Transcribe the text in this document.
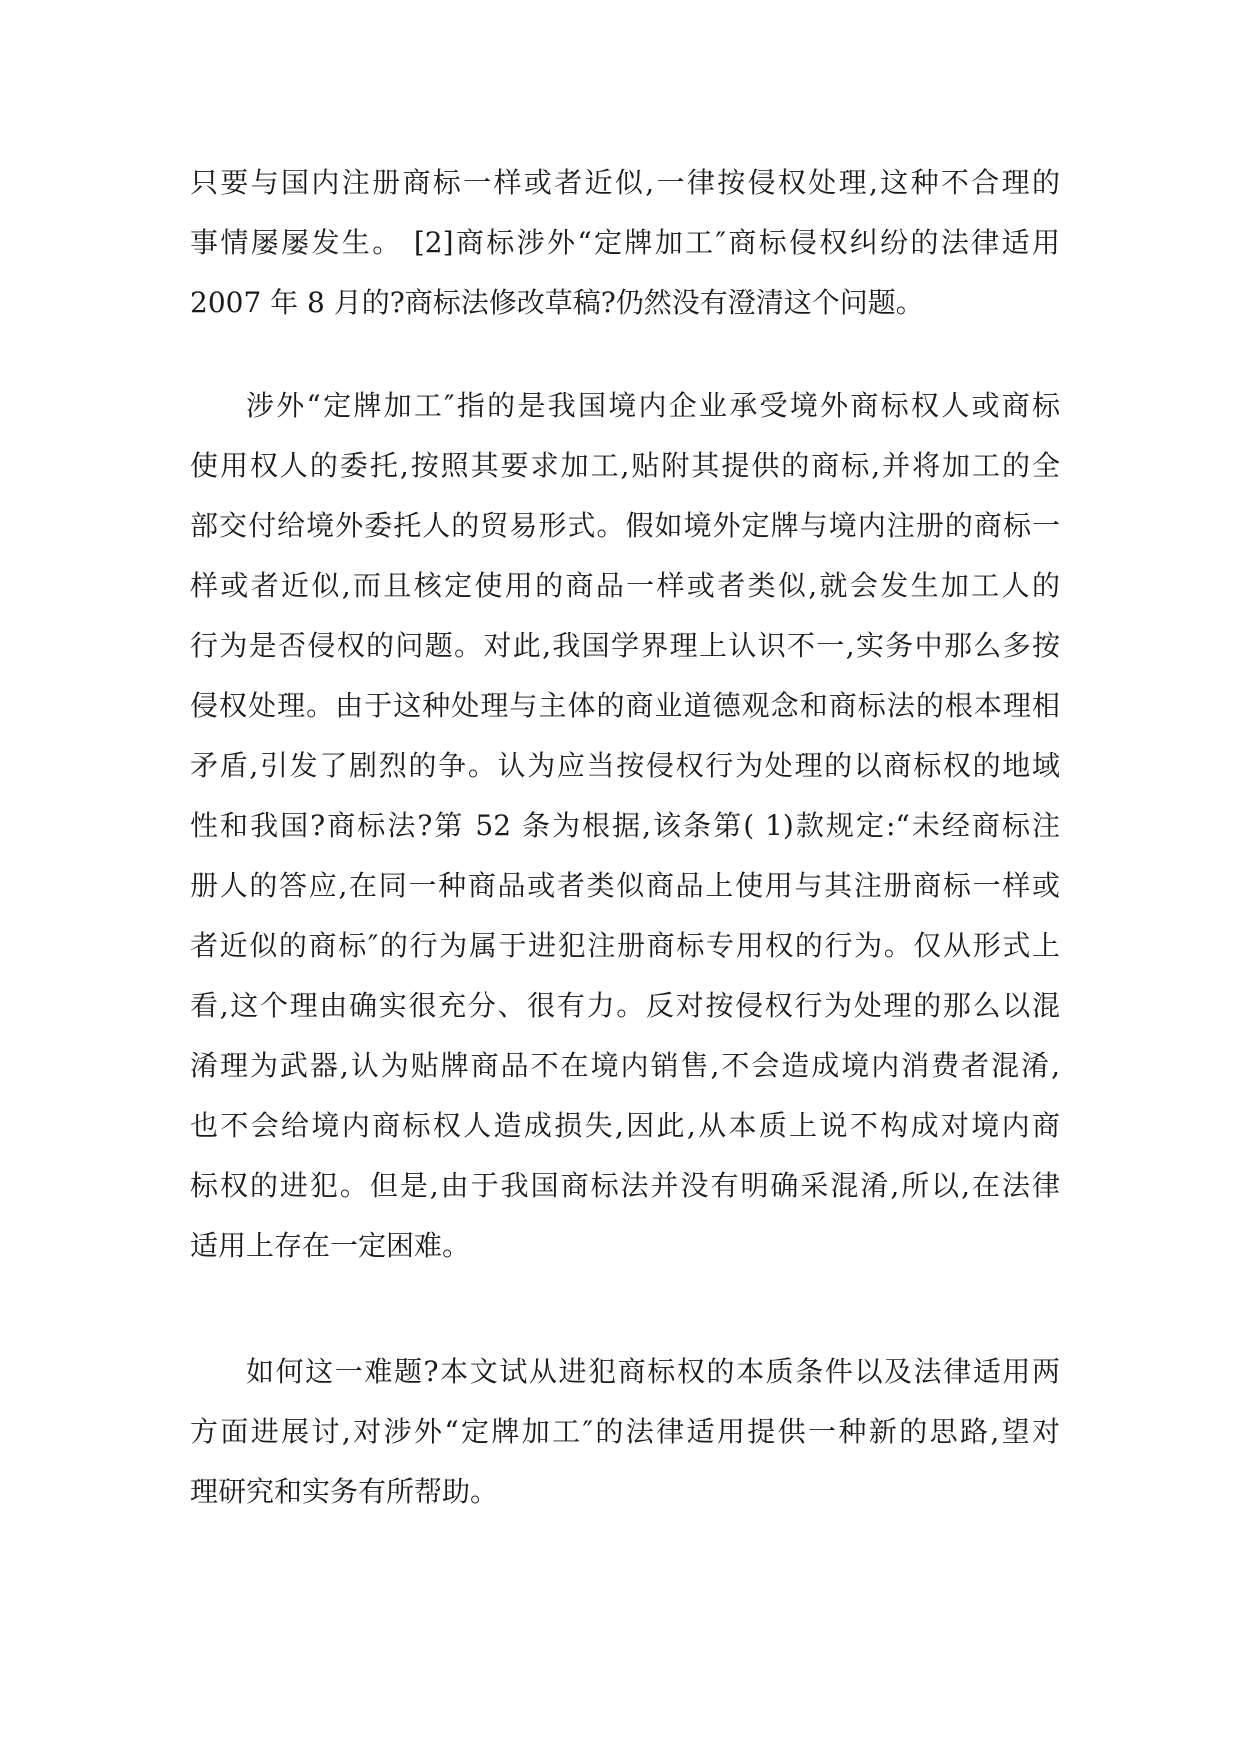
只要与国内注册商标一样或者近似,一律按侵权处理,这种不合理的
事情屡屡发生。 [2]商标涉外“定牌加工″商标侵权纠纷的法律适用
2007 年 8 月的?商标法修改草稿?仍然没有澄清这个问题。
涉外“定牌加工″指的是我国境内企业承受境外商标权人或商标
使用权人的委托,按照其要求加工,贴附其提供的商标,并将加工的全
部交付给境外委托人的贸易形式。假如境外定牌与境内注册的商标一
样或者近似,而且核定使用的商品一样或者类似,就会发生加工人的
行为是否侵权的问题。对此,我国学界理上认识不一,实务中那么多按
侵权处理。由于这种处理与主体的商业道德观念和商标法的根本理相
矛盾,引发了剧烈的争。认为应当按侵权行为处理的以商标权的地域
性和我国?商标法?第 52 条为根据,该条第( 1)款规定:“未经商标注
册人的答应,在同一种商品或者类似商品上使用与其注册商标一样或
者近似的商标″的行为属于进犯注册商标专用权的行为。仅从形式上
看,这个理由确实很充分、很有力。反对按侵权行为处理的那么以混
淆理为武器,认为贴牌商品不在境内销售,不会造成境内消费者混淆,
也不会给境内商标权人造成损失,因此,从本质上说不构成对境内商
标权的进犯。但是,由于我国商标法并没有明确采混淆,所以,在法律
适用上存在一定困难。
如何这一难题?本文试从进犯商标权的本质条件以及法律适用两
方面进展讨,对涉外“定牌加工″的法律适用提供一种新的思路,望对
理研究和实务有所帮助。
